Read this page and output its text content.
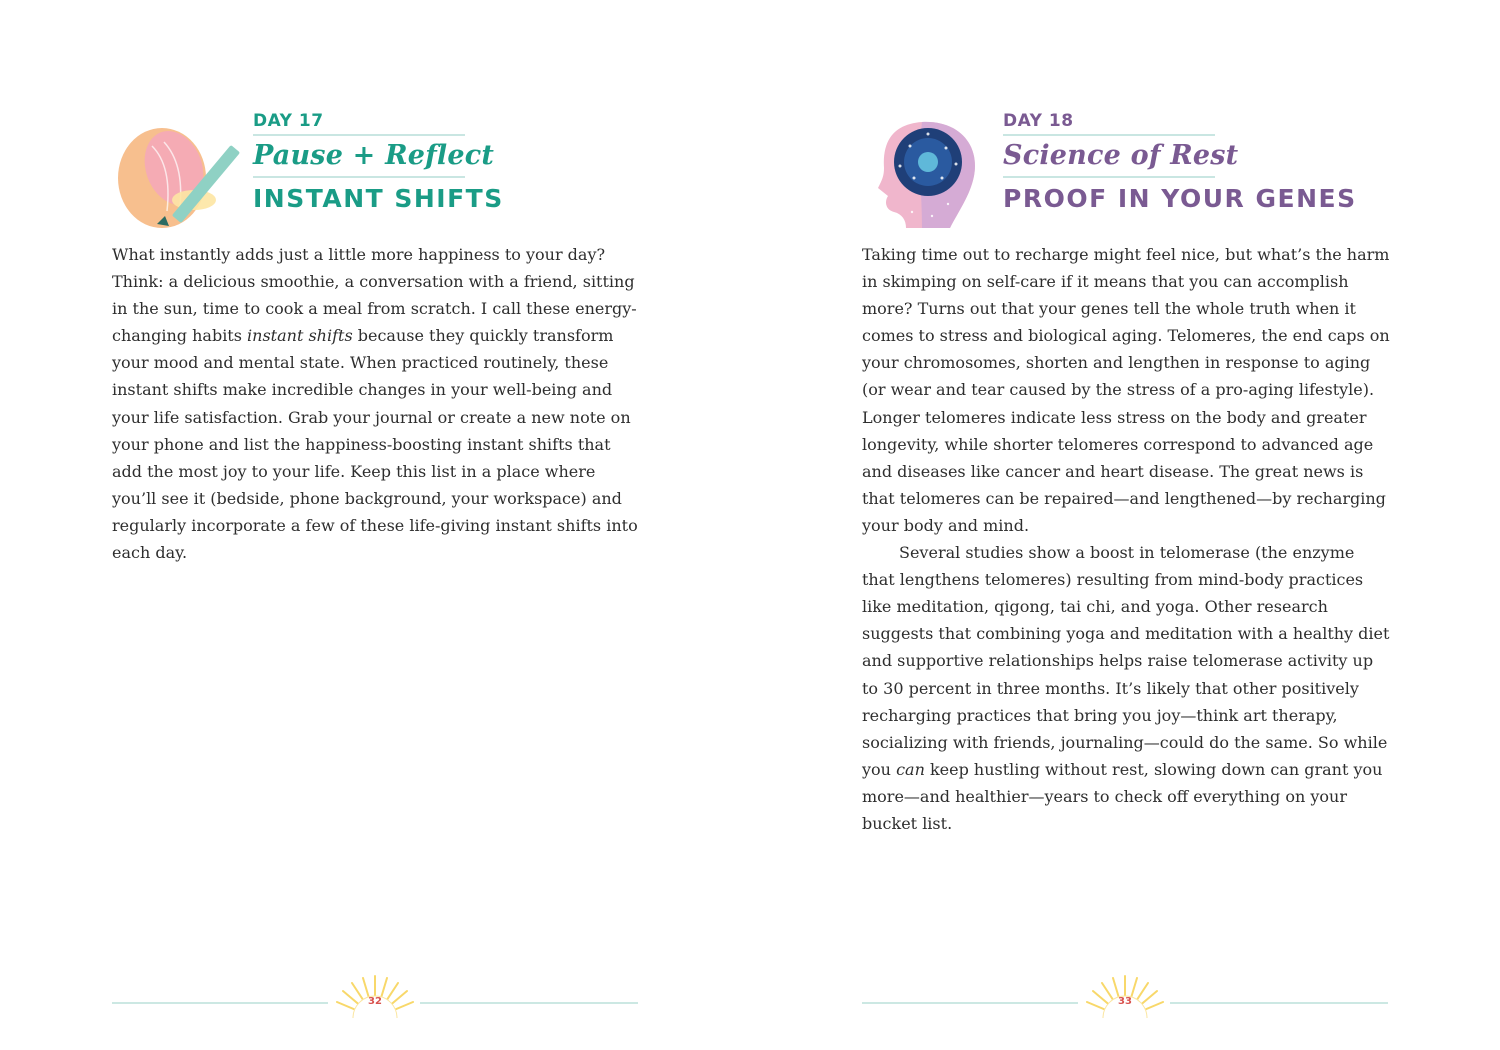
DAY 17
Pause + Reflect
INSTANT SHIFTS

What instantly adds just a little more happiness to your day? Think: a delicious smoothie, a conversation with a friend, sitting in the sun, time to cook a meal from scratch. I call these energy-changing habits instant shifts because they quickly transform your mood and mental state. When practiced routinely, these instant shifts make incredible changes in your well-being and your life satisfaction. Grab your journal or create a new note on your phone and list the happiness-boosting instant shifts that add the most joy to your life. Keep this list in a place where you’ll see it (bedside, phone background, your workspace) and regularly incorporate a few of these life-giving instant shifts into each day.

32
DAY 18
Science of Rest
PROOF IN YOUR GENES

Taking time out to recharge might feel nice, but what’s the harm in skimping on self-care if it means that you can accomplish more? Turns out that your genes tell the whole truth when it comes to stress and biological aging. Telomeres, the end caps on your chromosomes, shorten and lengthen in response to aging (or wear and tear caused by the stress of a pro-aging lifestyle). Longer telomeres indicate less stress on the body and greater longevity, while shorter telomeres correspond to advanced age and diseases like cancer and heart disease. The great news is that telomeres can be repaired—and lengthened—by recharging your body and mind.

Several studies show a boost in telomerase (the enzyme that lengthens telomeres) resulting from mind-body practices like meditation, qigong, tai chi, and yoga. Other research suggests that combining yoga and meditation with a healthy diet and supportive relationships helps raise telomerase activity up to 30 percent in three months. It’s likely that other positively recharging practices that bring you joy—think art therapy, socializing with friends, journaling—could do the same. So while you can keep hustling without rest, slowing down can grant you more—and healthier—years to check off everything on your bucket list.

33
